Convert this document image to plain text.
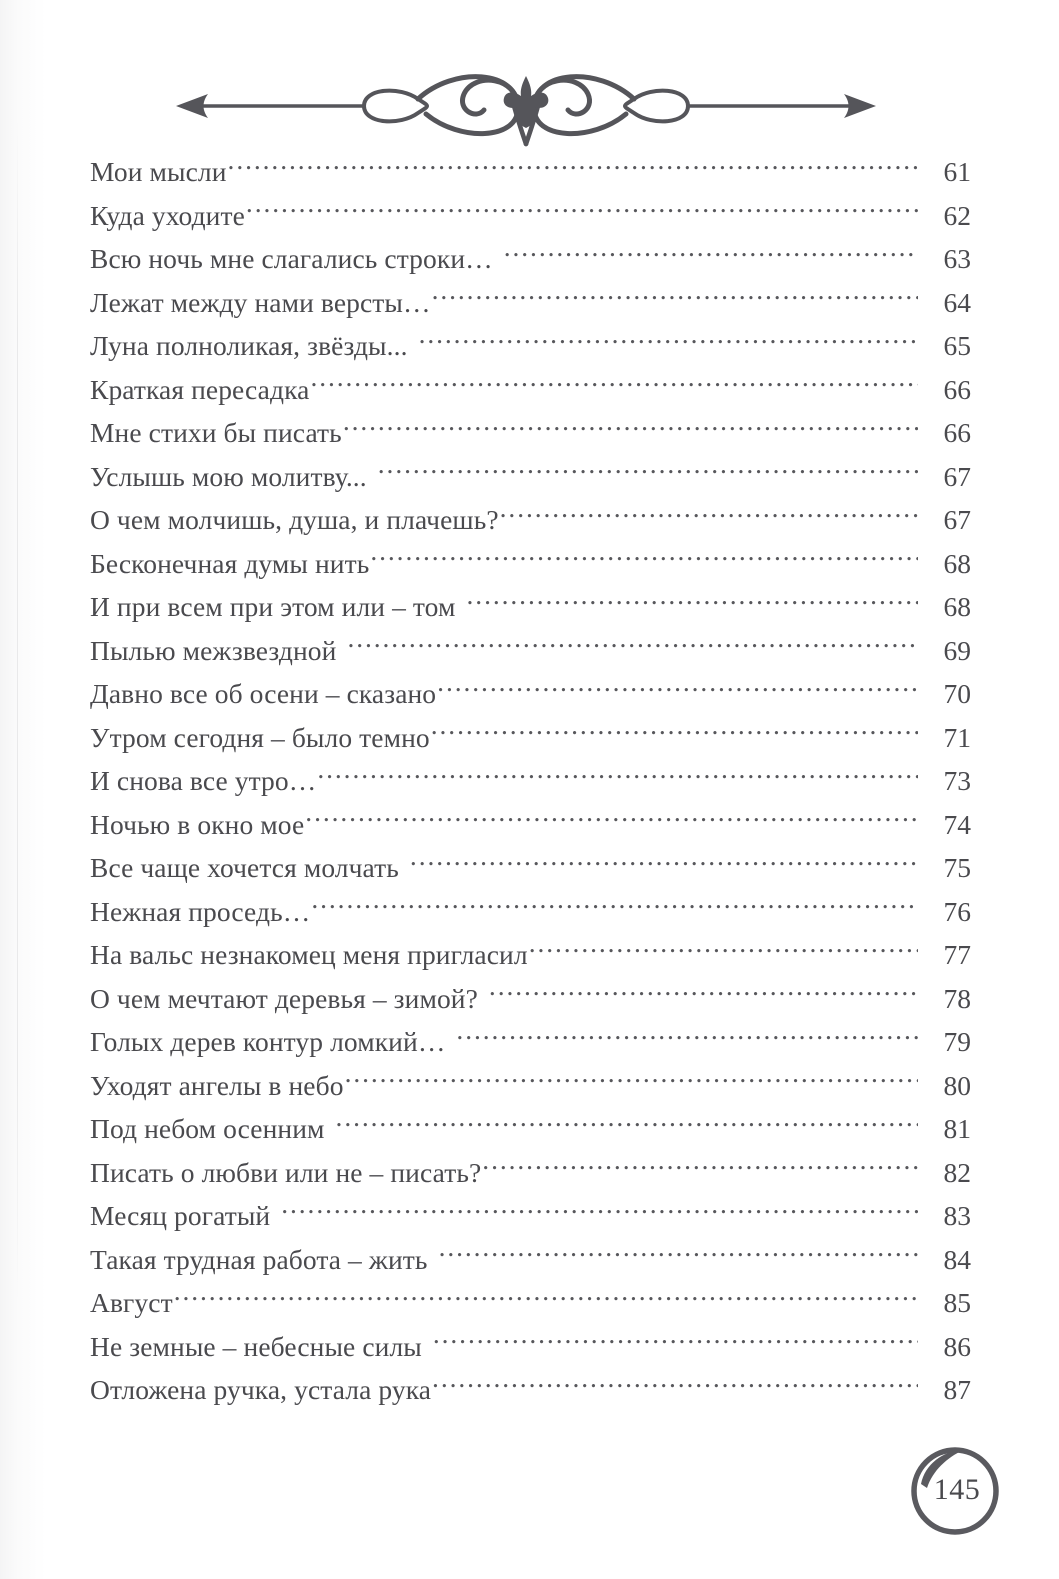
Мои мысли .....	61
Куда уходите .....	62
Всю ночь мне слагались строки… .....	63
Лежат между нами версты… .....	64
Луна полноликая, звёзды... .....	65
Краткая пересадка .....	66
Мне стихи бы писать .....	66
Услышь мою молитву... .....	67
О чем молчишь, душа, и плачешь? .....	67
Бесконечная думы нить .....	68
И при всем при этом или – том .....	68
Пылью межзвездной .....	69
Давно все об осени – сказано .....	70
Утром сегодня – было темно .....	71
И снова все утро… .....	73
Ночью в окно мое .....	74
Все чаще хочется молчать .....	75
Нежная проседь… .....	76
На вальс незнакомец меня пригласил .....	77
О чем мечтают деревья – зимой? .....	78
Голых дерев контур ломкий… .....	79
Уходят ангелы в небо .....	80
Под небом осенним .....	81
Писать о любви или не – писать? .....	82
Месяц рогатый .....	83
Такая трудная работа – жить .....	84
Август .....	85
Не земные – небесные силы .....	86
Отложена ручка, устала рука .....	87
145
